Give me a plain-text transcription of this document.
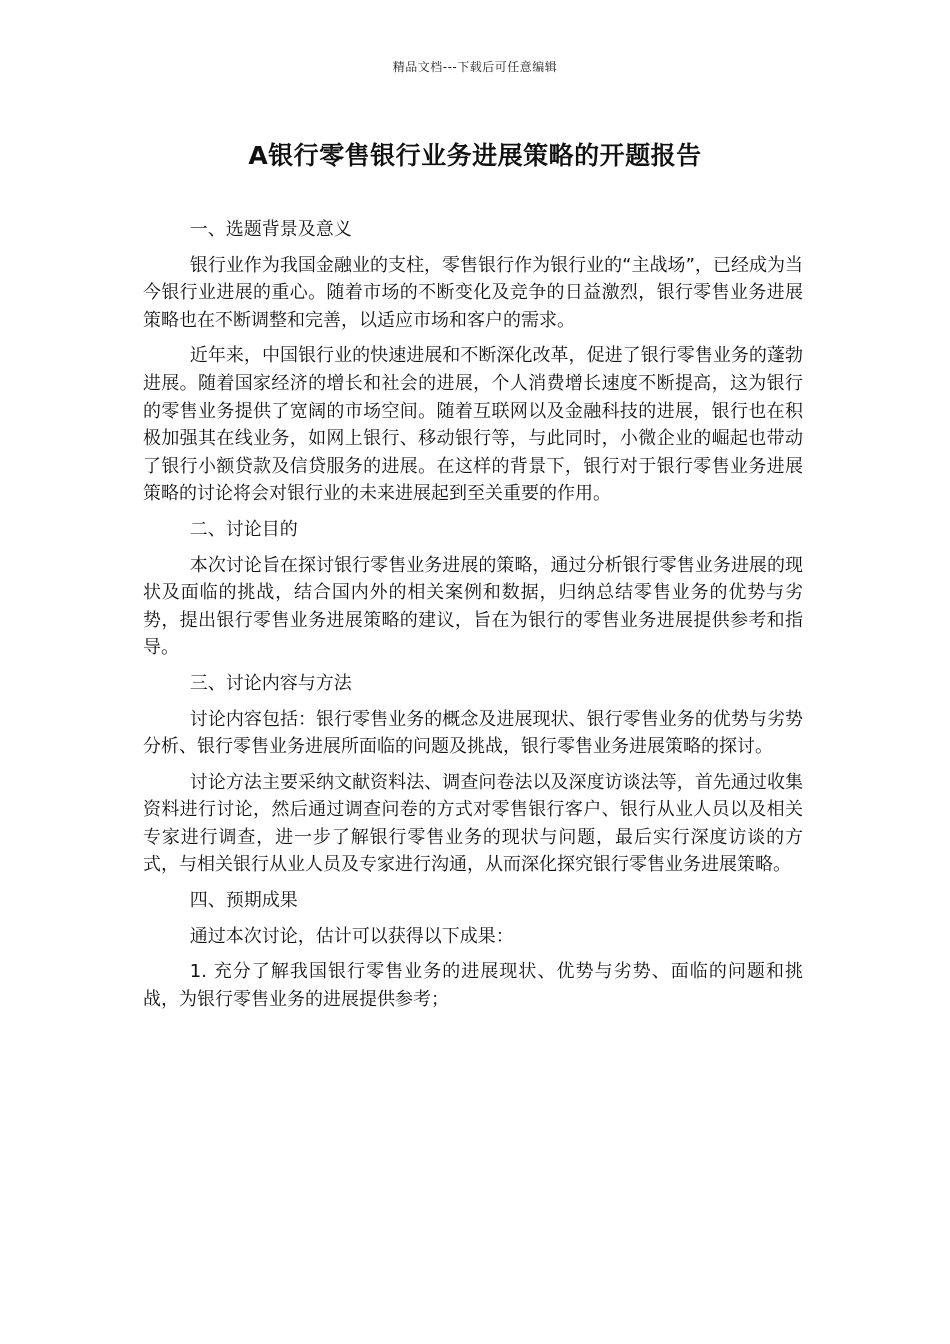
精品文档---下载后可任意编辑
A银行零售银行业务进展策略的开题报告

一、选题背景及意义

银行业作为我国金融业的支柱，零售银行作为银行业的“主战场”，已经成为当今银行业进展的重心。随着市场的不断变化及竞争的日益激烈，银行零售业务进展策略也在不断调整和完善，以适应市场和客户的需求。

近年来，中国银行业的快速进展和不断深化改革，促进了银行零售业务的蓬勃进展。随着国家经济的增长和社会的进展，个人消费增长速度不断提高，这为银行的零售业务提供了宽阔的市场空间。随着互联网以及金融科技的进展，银行也在积极加强其在线业务，如网上银行、移动银行等，与此同时，小微企业的崛起也带动了银行小额贷款及信贷服务的进展。在这样的背景下，银行对于银行零售业务进展策略的讨论将会对银行业的未来进展起到至关重要的作用。

二、讨论目的

本次讨论旨在探讨银行零售业务进展的策略，通过分析银行零售业务进展的现状及面临的挑战，结合国内外的相关案例和数据，归纳总结零售业务的优势与劣势，提出银行零售业务进展策略的建议，旨在为银行的零售业务进展提供参考和指导。

三、讨论内容与方法

讨论内容包括：银行零售业务的概念及进展现状、银行零售业务的优势与劣势分析、银行零售业务进展所面临的问题及挑战，银行零售业务进展策略的探讨。

讨论方法主要采纳文献资料法、调查问卷法以及深度访谈法等，首先通过收集资料进行讨论，然后通过调查问卷的方式对零售银行客户、银行从业人员以及相关专家进行调查，进一步了解银行零售业务的现状与问题，最后实行深度访谈的方式，与相关银行从业人员及专家进行沟通，从而深化探究银行零售业务进展策略。

四、预期成果

通过本次讨论，估计可以获得以下成果：

1. 充分了解我国银行零售业务的进展现状、优势与劣势、面临的问题和挑战，为银行零售业务的进展提供参考；
